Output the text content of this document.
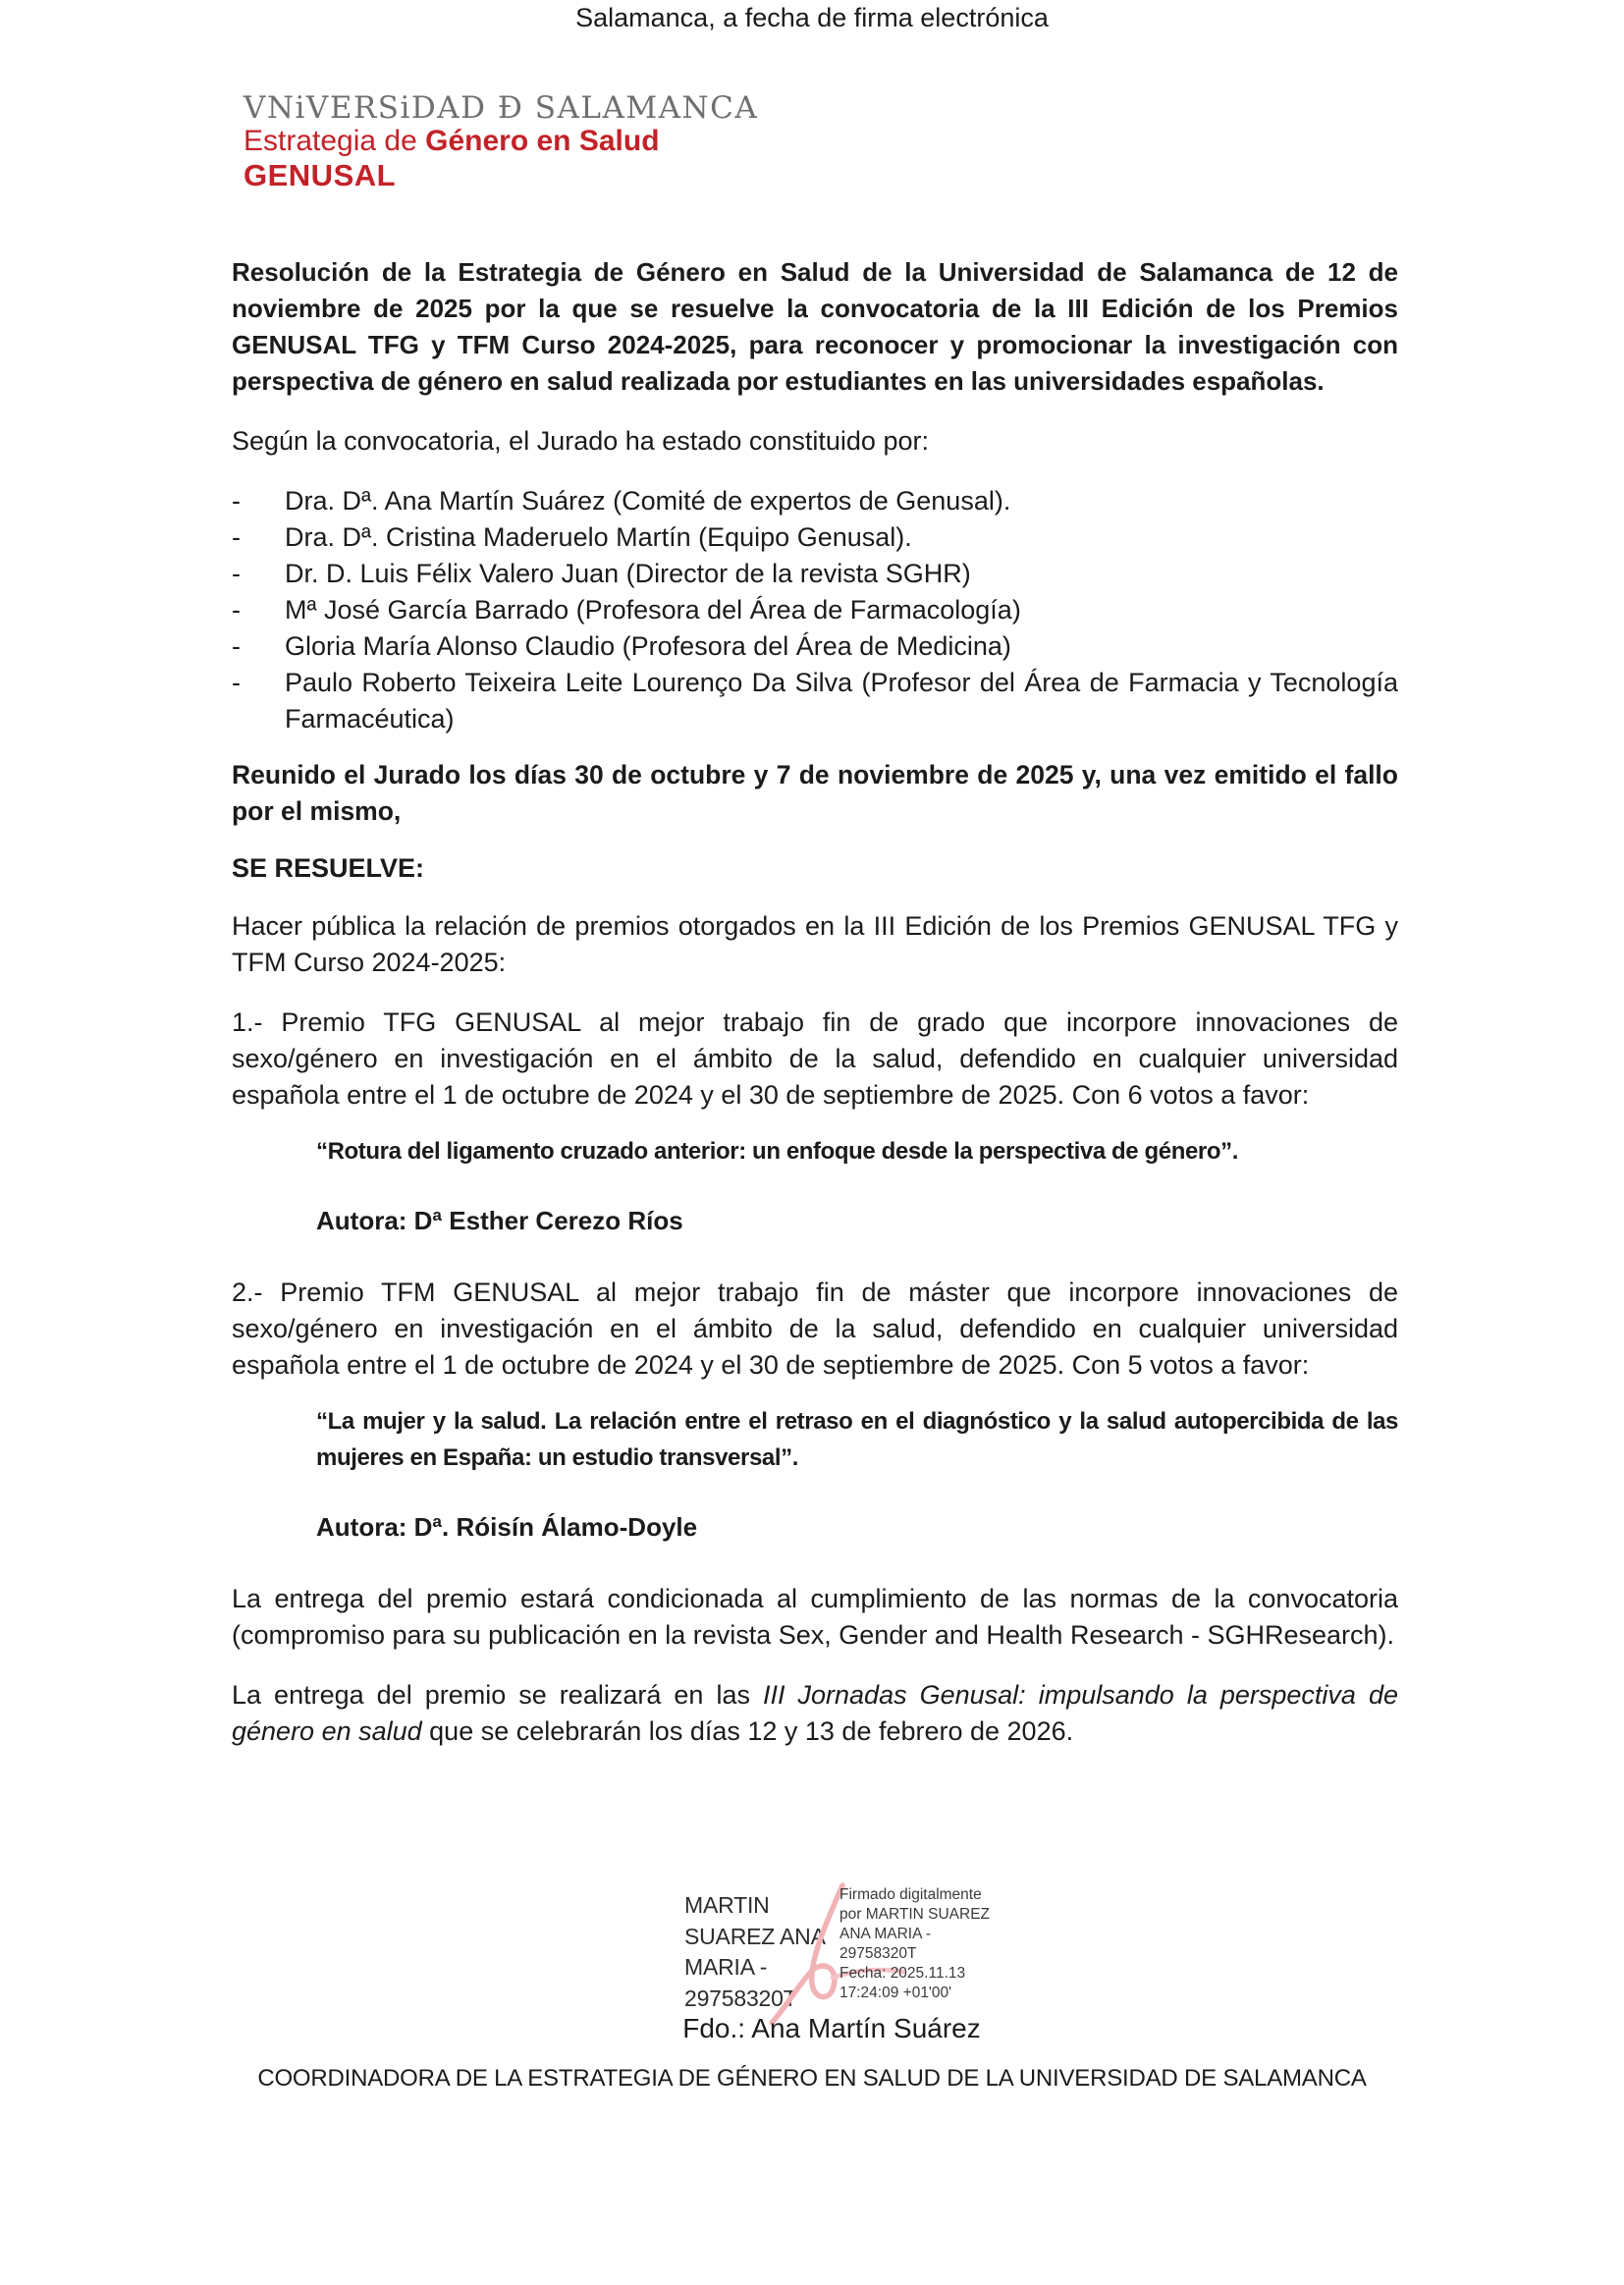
VNiVERSiDAD Ð SALAMANCA
Estrategia de Género en Salud
GENUSAL

Resolución de la Estrategia de Género en Salud de la Universidad de Salamanca de 12 de noviembre de 2025 por la que se resuelve la convocatoria de la III Edición de los Premios GENUSAL TFG y TFM Curso 2024-2025, para reconocer y promocionar la investigación con perspectiva de género en salud realizada por estudiantes en las universidades españolas.

Según la convocatoria, el Jurado ha estado constituido por:

-	Dra. Dª. Ana Martín Suárez (Comité de expertos de Genusal).
-	Dra. Dª. Cristina Maderuelo Martín (Equipo Genusal).
-	Dr. D. Luis Félix Valero Juan (Director de la revista SGHR)
-	Mª José García Barrado (Profesora del Área de Farmacología)
-	Gloria María Alonso Claudio (Profesora del Área de Medicina)
-	Paulo Roberto Teixeira Leite Lourenço Da Silva (Profesor del Área de Farmacia y Tecnología Farmacéutica)

Reunido el Jurado los días 30 de octubre y 7 de noviembre de 2025 y, una vez emitido el fallo por el mismo,

SE RESUELVE:

Hacer pública la relación de premios otorgados en la III Edición de los Premios GENUSAL TFG y TFM Curso 2024-2025:

1.- Premio TFG GENUSAL al mejor trabajo fin de grado que incorpore innovaciones de sexo/género en investigación en el ámbito de la salud, defendido en cualquier universidad española entre el 1 de octubre de 2024 y el 30 de septiembre de 2025. Con 6 votos a favor:

“Rotura del ligamento cruzado anterior: un enfoque desde la perspectiva de género”.

Autora: Dª Esther Cerezo Ríos

2.- Premio TFM GENUSAL al mejor trabajo fin de máster que incorpore innovaciones de sexo/género en investigación en el ámbito de la salud, defendido en cualquier universidad española entre el 1 de octubre de 2024 y el 30 de septiembre de 2025. Con 5 votos a favor:

“La mujer y la salud. La relación entre el retraso en el diagnóstico y la salud autopercibida de las mujeres en España: un estudio transversal”.

Autora: Dª. Róisín Álamo-Doyle

La entrega del premio estará condicionada al cumplimiento de las normas de la convocatoria (compromiso para su publicación en la revista Sex, Gender and Health Research - SGHResearch).

La entrega del premio se realizará en las III Jornadas Genusal: impulsando la perspectiva de género en salud que se celebrarán los días 12 y 13 de febrero de 2026.

Salamanca, a fecha de firma electrónica
MARTIN
SUAREZ ANA
MARIA -
29758320T
Firmado digitalmente
por MARTIN SUAREZ
ANA MARIA -
29758320T
Fecha: 2025.11.13
17:24:09 +01'00'
Fdo.: Ana Martín Suárez
COORDINADORA DE LA ESTRATEGIA DE GÉNERO EN SALUD DE LA UNIVERSIDAD DE SALAMANCA
